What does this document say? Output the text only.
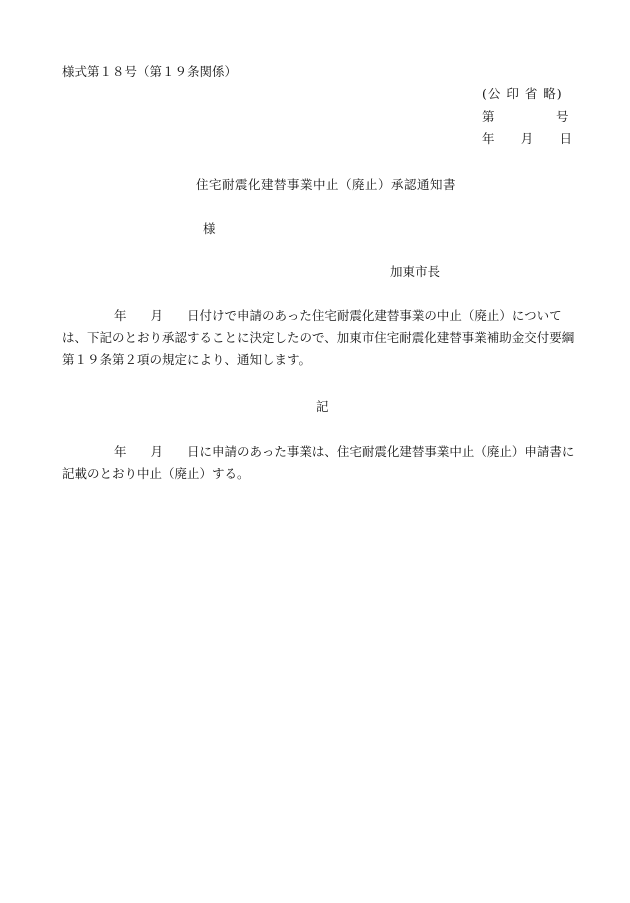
様式第１８号（第１９条関係）
(公 印 省 略)
第	号
年 月 日
住宅耐震化建替事業中止（廃止）承認通知書
様
加東市長
年 月 日付けで申請のあった住宅耐震化建替事業の中止（廃止）については、下記のとおり承認することに決定したので、加東市住宅耐震化建替事業補助金交付要綱第１９条第２項の規定により、通知します。
記
年 月 日に申請のあった事業は、住宅耐震化建替事業中止（廃止）申請書に記載のとおり中止（廃止）する。
